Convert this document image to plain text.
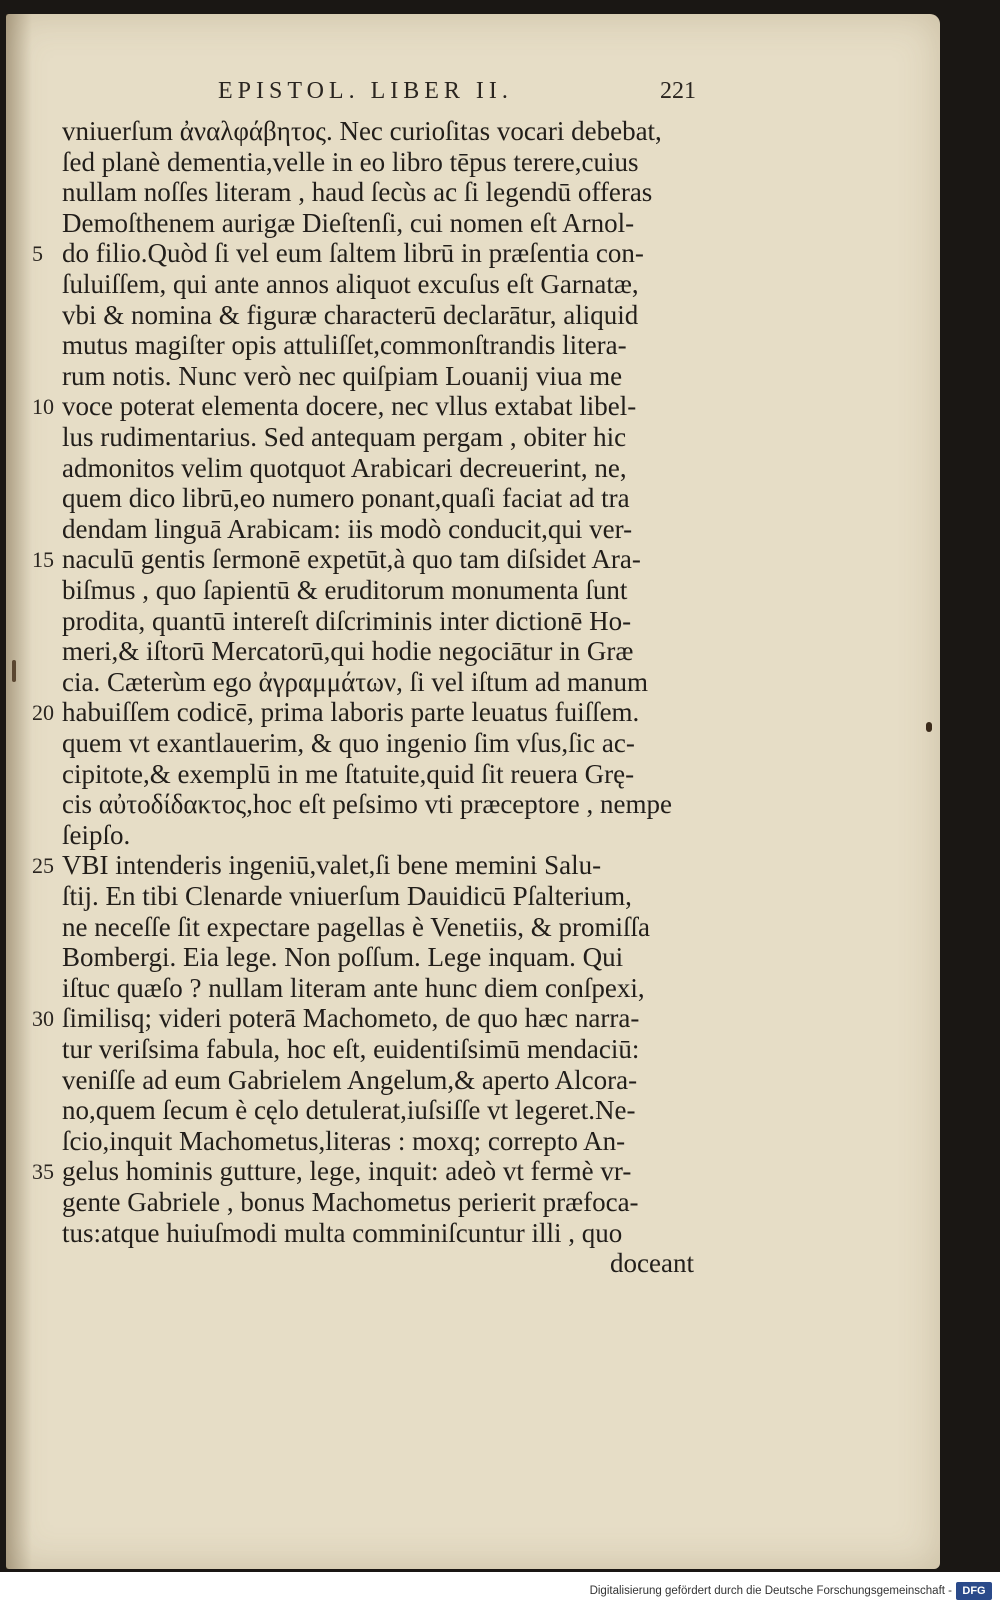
EPISTOL. LIBER II.	221
vniuerſum ἀναλφάβητος. Nec curioſitas vocari debebat,
ſed planè dementia,velle in eo libro tēpus terere,cuius
nullam noſſes literam , haud ſecùs ac ſi legendū offeras
Demoſthenem aurigæ Dieſtenſi, cui nomen eſt Arnol-
do filio.Quòd ſi vel eum ſaltem librū in præſentia con-
5
ſuluiſſem, qui ante annos aliquot excuſus eſt Garnatæ,
vbi & nomina & figuræ characterū declarātur, aliquid
mutus magiſter opis attuliſſet,commonſtrandis litera-
rum notis. Nunc verò nec quiſpiam Louanij viua me
voce poterat elementa docere, nec vllus extabat libel-
10
lus rudimentarius. Sed antequam pergam , obiter hic
admonitos velim quotquot Arabicari decreuerint, ne,
quem dico librū,eo numero ponant,quaſi faciat ad tra
dendam linguā Arabicam: iis modò conducit,qui ver-
naculū gentis ſermonē expetūt,à quo tam diſsidet Ara-
15
biſmus , quo ſapientū & eruditorum monumenta ſunt
prodita, quantū intereſt diſcriminis inter dictionē Ho-
meri,& iſtorū Mercatorū,qui hodie negociātur in Græ
cia. Cæterùm ego ἀγραμμάτων, ſi vel iſtum ad manum
habuiſſem codicē, prima laboris parte leuatus fuiſſem.
20
quem vt exantlauerim, & quo ingenio ſim vſus,ſic ac-
cipitote,& exemplū in me ſtatuite,quid ſit reuera Grę-
cis αὐτοδίδακτος,hoc eſt peſsimo vti præceptore , nempe
ſeipſo.
VBI intenderis ingeniū,valet,ſi bene memini Salu-
25
ſtij. En tibi Clenarde vniuerſum Dauidicū Pſalterium,
ne neceſſe ſit expectare pagellas è Venetiis, & promiſſa
Bombergi. Eia lege. Non poſſum. Lege inquam. Qui
iſtuc quæſo ? nullam literam ante hunc diem conſpexi,
ſimilisq; videri poterā Machometo, de quo hæc narra-
30
tur veriſsima fabula, hoc eſt, euidentiſsimū mendaciū:
veniſſe ad eum Gabrielem Angelum,& aperto Alcora-
no,quem ſecum è cęlo detulerat,iuſsiſſe vt legeret.Ne-
ſcio,inquit Machometus,literas : moxq; correpto An-
gelus hominis gutture, lege, inquit: adeò vt fermè vr-
35
gente Gabriele , bonus Machometus perierit præfoca-
tus:atque huiuſmodi multa comminiſcuntur illi , quo
doceant
Digitalisierung gefördert durch die Deutsche Forschungsgemeinschaft - DFG
